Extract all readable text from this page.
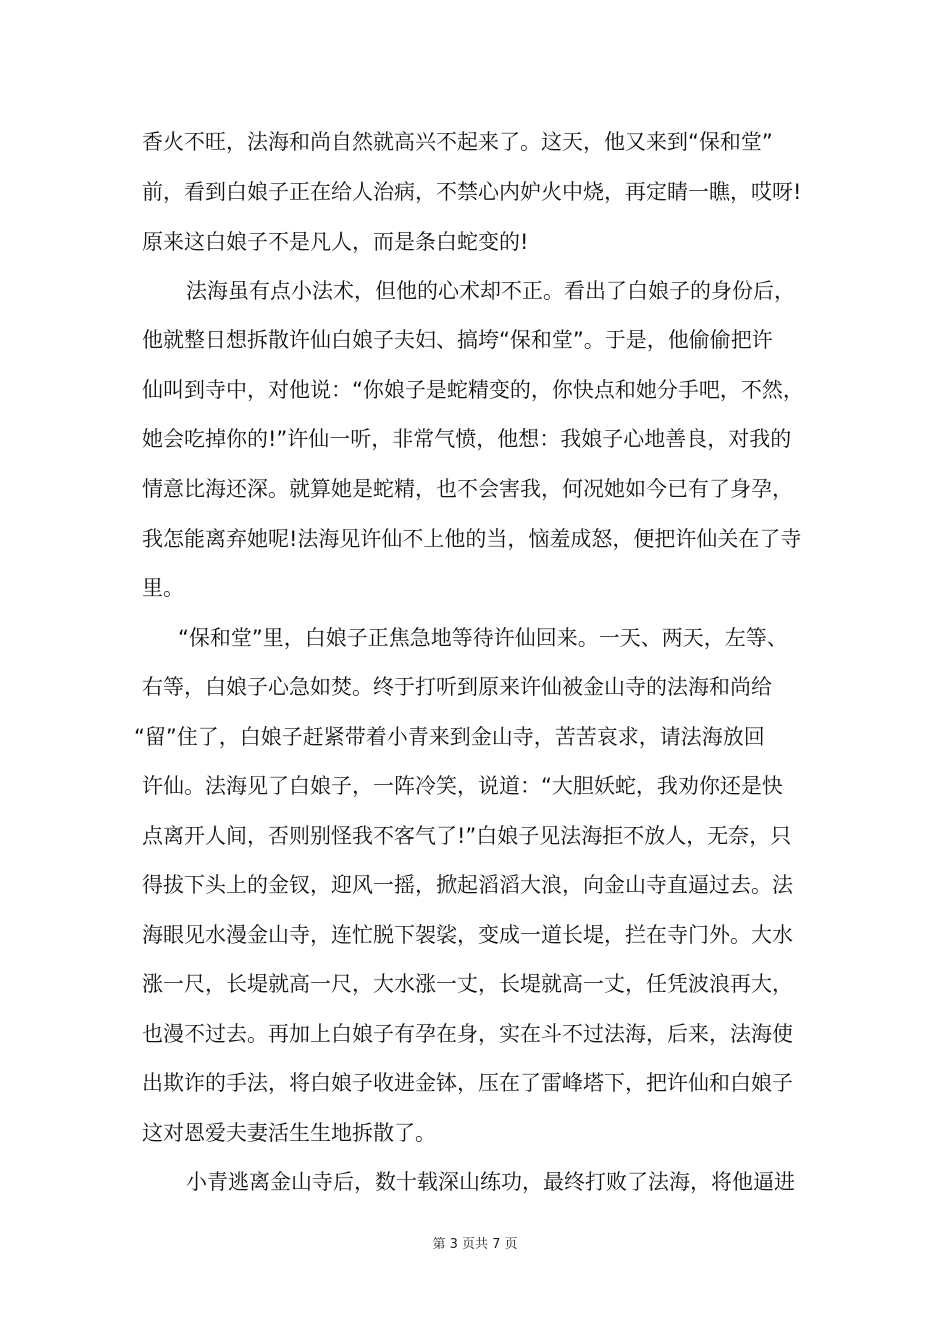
香火不旺，法海和尚自然就高兴不起来了。这天，他又来到“保和堂”
前，看到白娘子正在给人治病，不禁心内妒火中烧，再定睛一瞧，哎呀!
原来这白娘子不是凡人，而是条白蛇变的!
法海虽有点小法术，但他的心术却不正。看出了白娘子的身份后，
他就整日想拆散许仙白娘子夫妇、搞垮“保和堂”。于是，他偷偷把许
仙叫到寺中，对他说：“你娘子是蛇精变的，你快点和她分手吧，不然，
她会吃掉你的!”许仙一听，非常气愤，他想：我娘子心地善良，对我的
情意比海还深。就算她是蛇精，也不会害我，何况她如今已有了身孕，
我怎能离弃她呢!法海见许仙不上他的当，恼羞成怒，便把许仙关在了寺
里。
“保和堂”里，白娘子正焦急地等待许仙回来。一天、两天，左等、
右等，白娘子心急如焚。终于打听到原来许仙被金山寺的法海和尚给
“留”住了，白娘子赶紧带着小青来到金山寺，苦苦哀求，请法海放回
许仙。法海见了白娘子，一阵冷笑，说道：“大胆妖蛇，我劝你还是快
点离开人间，否则别怪我不客气了!”白娘子见法海拒不放人，无奈，只
得拔下头上的金钗，迎风一摇，掀起滔滔大浪，向金山寺直逼过去。法
海眼见水漫金山寺，连忙脱下袈裟，变成一道长堤，拦在寺门外。大水
涨一尺，长堤就高一尺，大水涨一丈，长堤就高一丈，任凭波浪再大，
也漫不过去。再加上白娘子有孕在身，实在斗不过法海，后来，法海使
出欺诈的手法，将白娘子收进金钵，压在了雷峰塔下，把许仙和白娘子
这对恩爱夫妻活生生地拆散了。
小青逃离金山寺后，数十载深山练功，最终打败了法海，将他逼进
第 3 页共 7 页
